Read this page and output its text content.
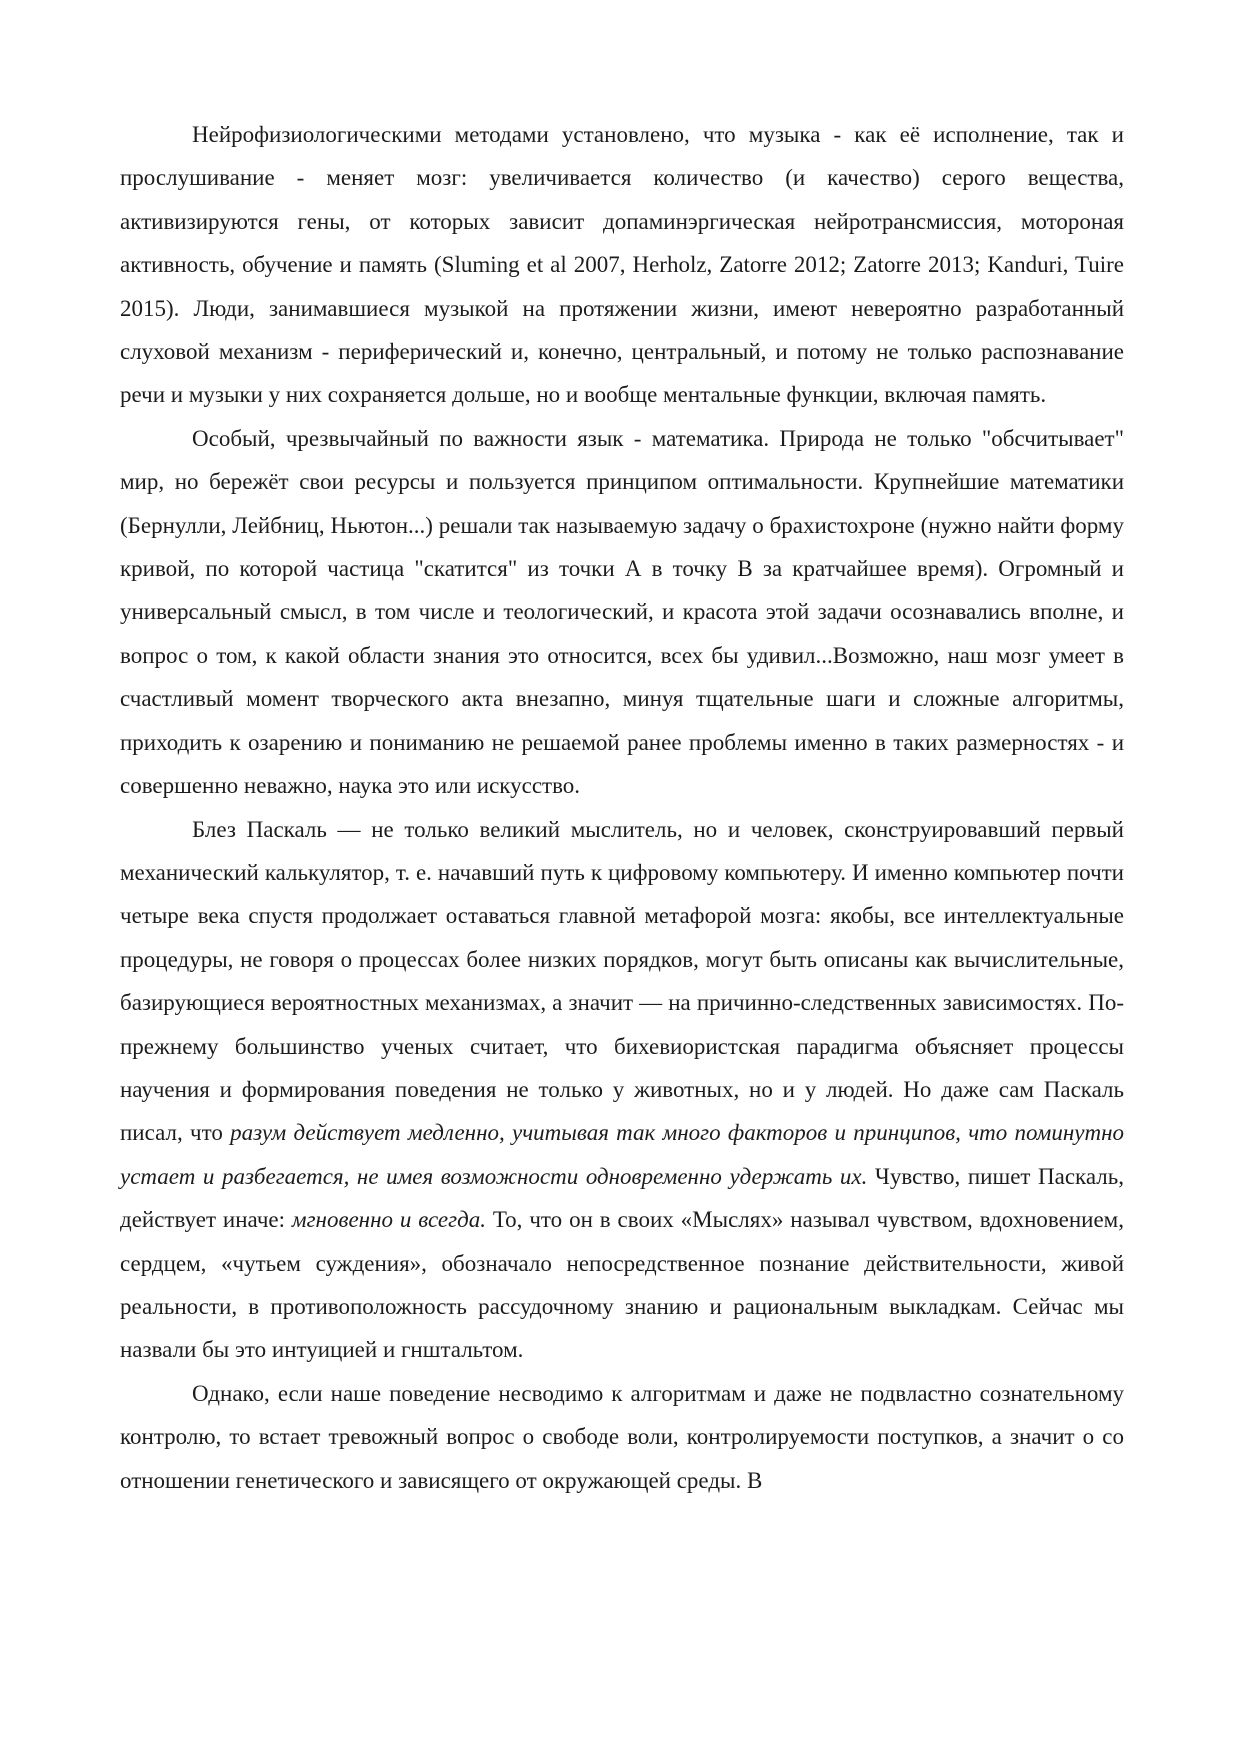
Нейрофизиологическими методами установлено, что музыка - как её исполнение, так и прослушивание - меняет мозг: увеличивается количество (и качество) серого вещества, активизируются гены, от которых зависит допаминэргическая нейротрансмиссия, моторoная активность, обучение и память (Sluming et al 2007, Herholz, Zatorre 2012; Zatorre 2013; Kanduri, Tuire 2015). Люди, занимавшиеся музыкой на протяжении жизни, имеют невероятно разработанный слуховой механизм - периферический и, конечно, центральный, и потому не только распознавание речи и музыки у них сохраняется дольше, но и вообще ментальные функции, включая память.

Особый, чрезвычайный по важности язык - математика. Природа не только "обсчитывает" мир, но бережёт свои ресурсы и пользуется принципом оптимальности. Крупнейшие математики (Бернулли, Лейбниц, Ньютон...) решали так называемую задачу о брахистохроне (нужно найти форму кривой, по которой частица "скатится" из точки А в точку В за кратчайшее время). Огромный и универсальный смысл, в том числе и теологический, и красота этой задачи осознавались вполне, и вопрос о том, к какой области знания это относится, всех бы удивил...Возможно, наш мозг умеет в счастливый момент творческого акта внезапно, минуя тщательные шаги и сложные алгоритмы, приходить к озарению и пониманию не решаемой ранее проблемы именно в таких размерностях - и совершенно неважно, наука это или искусство.

Блез Паскаль — не только великий мыслитель, но и человек, сконструировавший первый механический калькулятор, т. е. начавший путь к цифровому компьютеру. И именно компьютер почти четыре века спустя продолжает оставаться главной метафорой мозга: якобы, все интеллектуальные процедуры, не говоря о процессах более низких порядков, могут быть описаны как вычислительные, базирующиеся вероятностных механизмах, а значит — на причинно-следственных зависимостях. По-прежнему большинство ученых считает, что бихевиористская парадигма объясняет процессы научения и формирования поведения не только у животных, но и у людей. Но даже сам Паскаль писал, что разум действует медленно, учитывая так много факторов и принципов, что поминутно устает и разбегается, не имея возможности одновременно удержать их. Чувство, пишет Паскаль, действует иначе: мгновенно и всегда. То, что он в своих «Мыслях» называл чувством, вдохновением, сердцем, «чутьем суждения», обозначало непосредственное познание действительности, живой реальности, в противоположность рассудочному знанию и рациональным выкладкам. Сейчас мы назвали бы это интуицией и гнштальтом.

Однако, если наше поведение несводимо к алгоритмам и даже не подвластно сознательному контролю, то встает тревожный вопрос о свободе воли, контролируемости поступков, а значит о со отношении генетического и зависящего от окружающей среды. В
